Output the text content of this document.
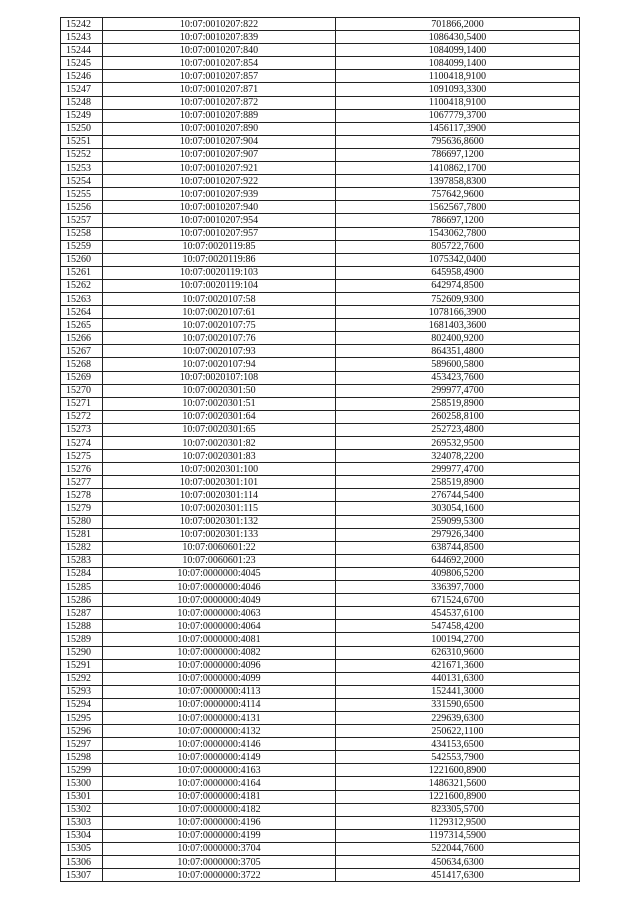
15242	10:07:0010207:822	701866,2000
15243	10:07:0010207:839	1086430,5400
15244	10:07:0010207:840	1084099,1400
15245	10:07:0010207:854	1084099,1400
15246	10:07:0010207:857	1100418,9100
15247	10:07:0010207:871	1091093,3300
15248	10:07:0010207:872	1100418,9100
15249	10:07:0010207:889	1067779,3700
15250	10:07:0010207:890	1456117,3900
15251	10:07:0010207:904	795636,8600
15252	10:07:0010207:907	786697,1200
15253	10:07:0010207:921	1410862,1700
15254	10:07:0010207:922	1397858,8300
15255	10:07:0010207:939	757642,9600
15256	10:07:0010207:940	1562567,7800
15257	10:07:0010207:954	786697,1200
15258	10:07:0010207:957	1543062,7800
15259	10:07:0020119:85	805722,7600
15260	10:07:0020119:86	1075342,0400
15261	10:07:0020119:103	645958,4900
15262	10:07:0020119:104	642974,8500
15263	10:07:0020107:58	752609,9300
15264	10:07:0020107:61	1078166,3900
15265	10:07:0020107:75	1681403,3600
15266	10:07:0020107:76	802400,9200
15267	10:07:0020107:93	864351,4800
15268	10:07:0020107:94	589600,5800
15269	10:07:0020107:108	453423,7600
15270	10:07:0020301:50	299977,4700
15271	10:07:0020301:51	258519,8900
15272	10:07:0020301:64	260258,8100
15273	10:07:0020301:65	252723,4800
15274	10:07:0020301:82	269532,9500
15275	10:07:0020301:83	324078,2200
15276	10:07:0020301:100	299977,4700
15277	10:07:0020301:101	258519,8900
15278	10:07:0020301:114	276744,5400
15279	10:07:0020301:115	303054,1600
15280	10:07:0020301:132	259099,5300
15281	10:07:0020301:133	297926,3400
15282	10:07:0060601:22	638744,8500
15283	10:07:0060601:23	644692,2000
15284	10:07:0000000:4045	409806,5200
15285	10:07:0000000:4046	336397,7000
15286	10:07:0000000:4049	671524,6700
15287	10:07:0000000:4063	454537,6100
15288	10:07:0000000:4064	547458,4200
15289	10:07:0000000:4081	100194,2700
15290	10:07:0000000:4082	626310,9600
15291	10:07:0000000:4096	421671,3600
15292	10:07:0000000:4099	440131,6300
15293	10:07:0000000:4113	152441,3000
15294	10:07:0000000:4114	331590,6500
15295	10:07:0000000:4131	229639,6300
15296	10:07:0000000:4132	250622,1100
15297	10:07:0000000:4146	434153,6500
15298	10:07:0000000:4149	542553,7900
15299	10:07:0000000:4163	1221600,8900
15300	10:07:0000000:4164	1486321,5600
15301	10:07:0000000:4181	1221600,8900
15302	10:07:0000000:4182	823305,5700
15303	10:07:0000000:4196	1129312,9500
15304	10:07:0000000:4199	1197314,5900
15305	10:07:0000000:3704	522044,7600
15306	10:07:0000000:3705	450634,6300
15307	10:07:0000000:3722	451417,6300
